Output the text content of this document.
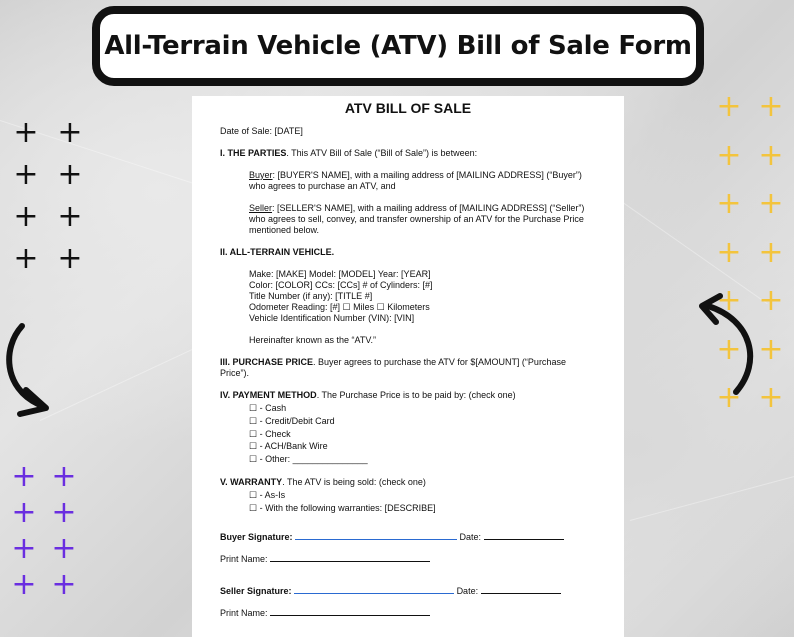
All-Terrain Vehicle (ATV) Bill of Sale Form
+ +
+ +
+ +
+ +
+ +
+ +
+ +
+ +
+ +
+ +
+ +
+ +
+ +
+ +
+ +
ATV BILL OF SALE

Date of Sale: [DATE]

I. THE PARTIES. This ATV Bill of Sale (“Bill of Sale”) is between:

Buyer: [BUYER'S NAME], with a mailing address of [MAILING ADDRESS] (“Buyer”) who agrees to purchase an ATV, and

Seller: [SELLER'S NAME], with a mailing address of [MAILING ADDRESS] (“Seller”) who agrees to sell, convey, and transfer ownership of an ATV for the Purchase Price mentioned below.

II. ALL-TERRAIN VEHICLE.

Make: [MAKE] Model: [MODEL] Year: [YEAR]

Color: [COLOR] CCs: [CCs] # of Cylinders: [#]

Title Number (if any): [TITLE #]

Odometer Reading: [#] ☐ Miles ☐ Kilometers

Vehicle Identification Number (VIN): [VIN]

Hereinafter known as the “ATV.”

III. PURCHASE PRICE. Buyer agrees to purchase the ATV for $[AMOUNT] (“Purchase Price”).

IV. PAYMENT METHOD. The Purchase Price is to be paid by: (check one)

☐ - Cash

☐ - Credit/Debit Card

☐ - Check

☐ - ACH/Bank Wire

☐ - Other: _______________

V. WARRANTY. The ATV is being sold: (check one)

☐ - As-Is

☐ - With the following warranties: [DESCRIBE]

Buyer Signature:	Date:

Print Name:

Seller Signature:	Date:

Print Name:
